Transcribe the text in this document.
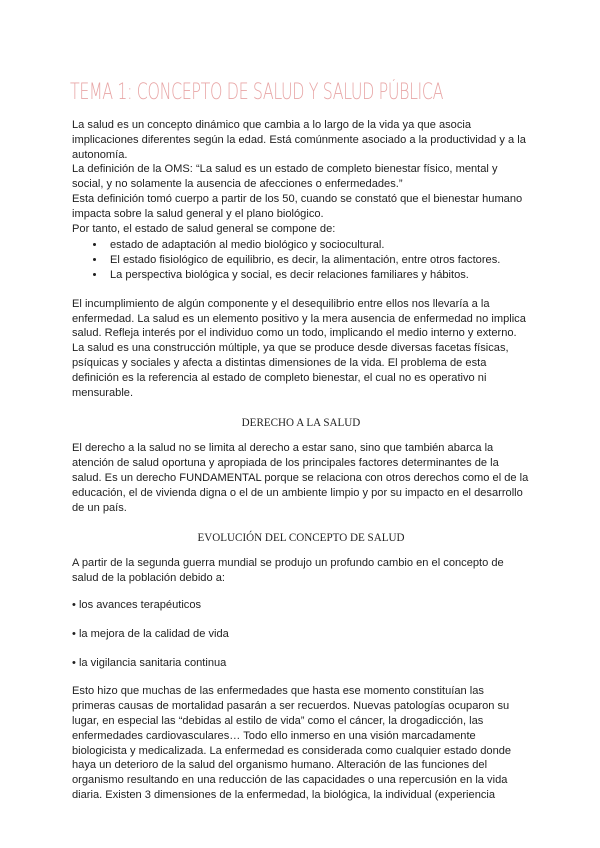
TEMA 1: CONCEPTO DE SALUD Y SALUD PÚBLICA

La salud es un concepto dinámico que cambia a lo largo de la vida ya que asocia implicaciones diferentes según la edad. Está comúnmente asociado a la productividad y a la autonomía.

La definición de la OMS: “La salud es un estado de completo bienestar físico, mental y social, y no solamente la ausencia de afecciones o enfermedades.”

Esta definición tomó cuerpo a partir de los 50, cuando se constató que el bienestar humano impacta sobre la salud general y el plano biológico.

Por tanto, el estado de salud general se compone de:

• estado de adaptación al medio biológico y sociocultural.
• El estado fisiológico de equilibrio, es decir, la alimentación, entre otros factores.
• La perspectiva biológica y social, es decir relaciones familiares y hábitos.

El incumplimiento de algún componente y el desequilibrio entre ellos nos llevaría a la enfermedad. La salud es un elemento positivo y la mera ausencia de enfermedad no implica salud. Refleja interés por el individuo como un todo, implicando el medio interno y externo. La salud es una construcción múltiple, ya que se produce desde diversas facetas físicas, psíquicas y sociales y afecta a distintas dimensiones de la vida. El problema de esta definición es la referencia al estado de completo bienestar, el cual no es operativo ni mensurable.

DERECHO A LA SALUD

El derecho a la salud no se limita al derecho a estar sano, sino que también abarca la atención de salud oportuna y apropiada de los principales factores determinantes de la salud. Es un derecho FUNDAMENTAL porque se relaciona con otros derechos como el de la educación, el de vivienda digna o el de un ambiente limpio y por su impacto en el desarrollo de un país.

EVOLUCIÓN DEL CONCEPTO DE SALUD

A partir de la segunda guerra mundial se produjo un profundo cambio en el concepto de salud de la población debido a:

• los avances terapéuticos

• la mejora de la calidad de vida

• la vigilancia sanitaria continua

Esto hizo que muchas de las enfermedades que hasta ese momento constituían las primeras causas de mortalidad pasarán a ser recuerdos. Nuevas patologías ocuparon su lugar, en especial las “debidas al estilo de vida” como el cáncer, la drogadicción, las enfermedades cardiovasculares… Todo ello inmerso en una visión marcadamente biologicista y medicalizada. La enfermedad es considerada como cualquier estado donde haya un deterioro de la salud del organismo humano. Alteración de las funciones del organismo resultando en una reducción de las capacidades o una repercusión en la vida diaria. Existen 3 dimensiones de la enfermedad, la biológica, la individual (experiencia
